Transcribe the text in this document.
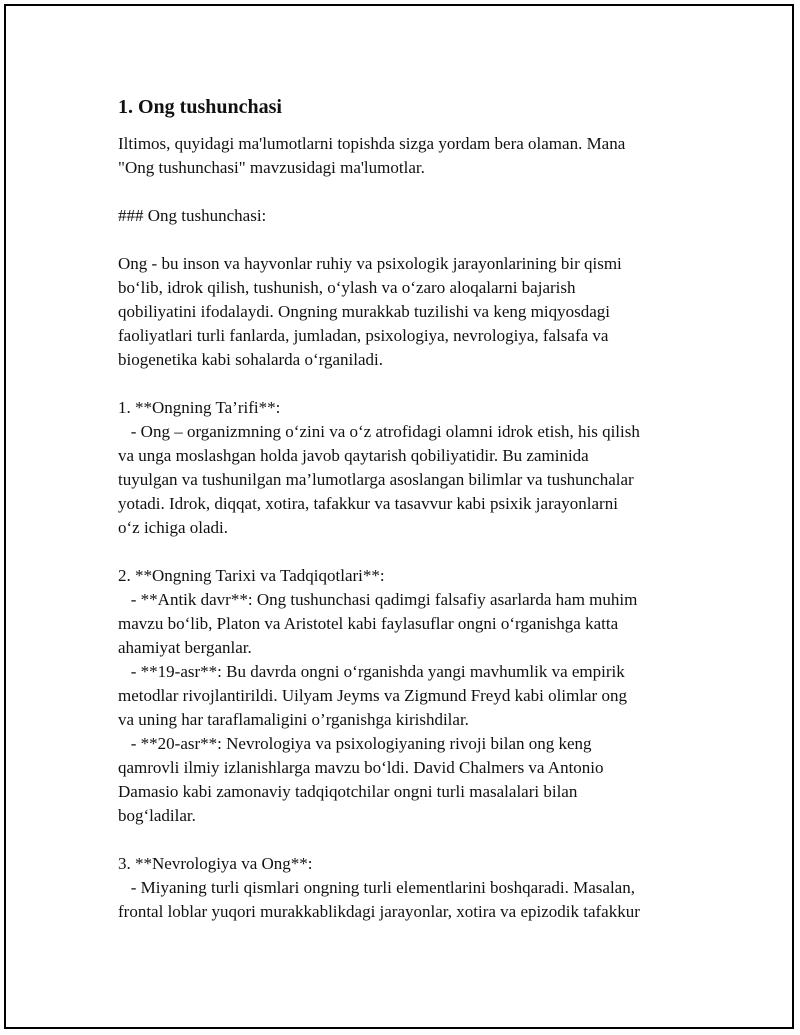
1. Ong tushunchasi
Iltimos, quyidagi ma'lumotlarni topishda sizga yordam bera olaman. Mana
"Ong tushunchasi" mavzusidagi ma'lumotlar.
### Ong tushunchasi:
Ong - bu inson va hayvonlar ruhiy va psixologik jarayonlarining bir qismi
bo‘lib, idrok qilish, tushunish, o‘ylash va o‘zaro aloqalarni bajarish
qobiliyatini ifodalaydi. Ongning murakkab tuzilishi va keng miqyosdagi
faoliyatlari turli fanlarda, jumladan, psixologiya, nevrologiya, falsafa va
biogenetika kabi sohalarda o‘rganiladi.
1. **Ongning Ta’rifi**:
- Ong – organizmning o‘zini va o‘z atrofidagi olamni idrok etish, his qilish
va unga moslashgan holda javob qaytarish qobiliyatidir. Bu zaminida
tuyulgan va tushunilgan ma’lumotlarga asoslangan bilimlar va tushunchalar
yotadi. Idrok, diqqat, xotira, tafakkur va tasavvur kabi psixik jarayonlarni
o‘z ichiga oladi.
2. **Ongning Tarixi va Tadqiqotlari**:
- **Antik davr**: Ong tushunchasi qadimgi falsafiy asarlarda ham muhim
mavzu bo‘lib, Platon va Aristotel kabi faylasuflar ongni o‘rganishga katta
ahamiyat berganlar.
- **19-asr**: Bu davrda ongni o‘rganishda yangi mavhumlik va empirik
metodlar rivojlantirildi. Uilyam Jeyms va Zigmund Freyd kabi olimlar ong
va uning har taraflamaligini o’rganishga kirishdilar.
- **20-asr**: Nevrologiya va psixologiyaning rivoji bilan ong keng
qamrovli ilmiy izlanishlarga mavzu bo‘ldi. David Chalmers va Antonio
Damasio kabi zamonaviy tadqiqotchilar ongni turli masalalari bilan
bog‘ladilar.
3. **Nevrologiya va Ong**:
- Miyaning turli qismlari ongning turli elementlarini boshqaradi. Masalan,
frontal loblar yuqori murakkablikdagi jarayonlar, xotira va epizodik tafakkur
